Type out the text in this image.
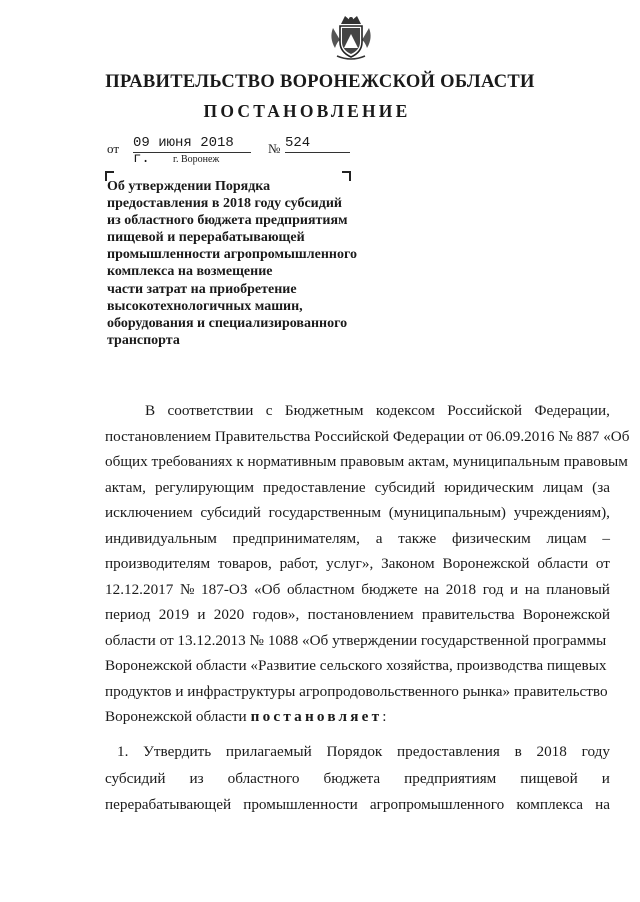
ПРАВИТЕЛЬСТВО ВОРОНЕЖСКОЙ ОБЛАСТИ
ПОСТАНОВЛЕНИЕ
от 09 июня 2018 г.
№ 524
г. Воронеж
Об утверждении Порядка
предоставления в 2018 году субсидий
из областного бюджета предприятиям
пищевой и перерабатывающей
промышленности агропромышленного
комплекса на возмещение
части затрат на приобретение
высокотехнологичных машин,
оборудования и специализированного
транспорта
В соответствии с Бюджетным кодексом Российской Федерации,
постановлением Правительства Российской Федерации от 06.09.2016 № 887 «Об
общих требованиях к нормативным правовым актам, муниципальным правовым
актам, регулирующим предоставление субсидий юридическим лицам (за
исключением субсидий государственным (муниципальным) учреждениям),
индивидуальным предпринимателям, а также физическим лицам –
производителям товаров, работ, услуг», Законом Воронежской области от
12.12.2017 № 187-ОЗ «Об областном бюджете на 2018 год и на плановый
период 2019 и 2020 годов», постановлением правительства Воронежской
области от 13.12.2013 № 1088 «Об утверждении государственной программы
Воронежской области «Развитие сельского хозяйства, производства пищевых
продуктов и инфраструктуры агропродовольственного рынка» правительство
Воронежской области постановляет :
1. Утвердить прилагаемый Порядок предоставления в 2018 году
субсидий из областного бюджета предприятиям пищевой и
перерабатывающей промышленности агропромышленного комплекса на
